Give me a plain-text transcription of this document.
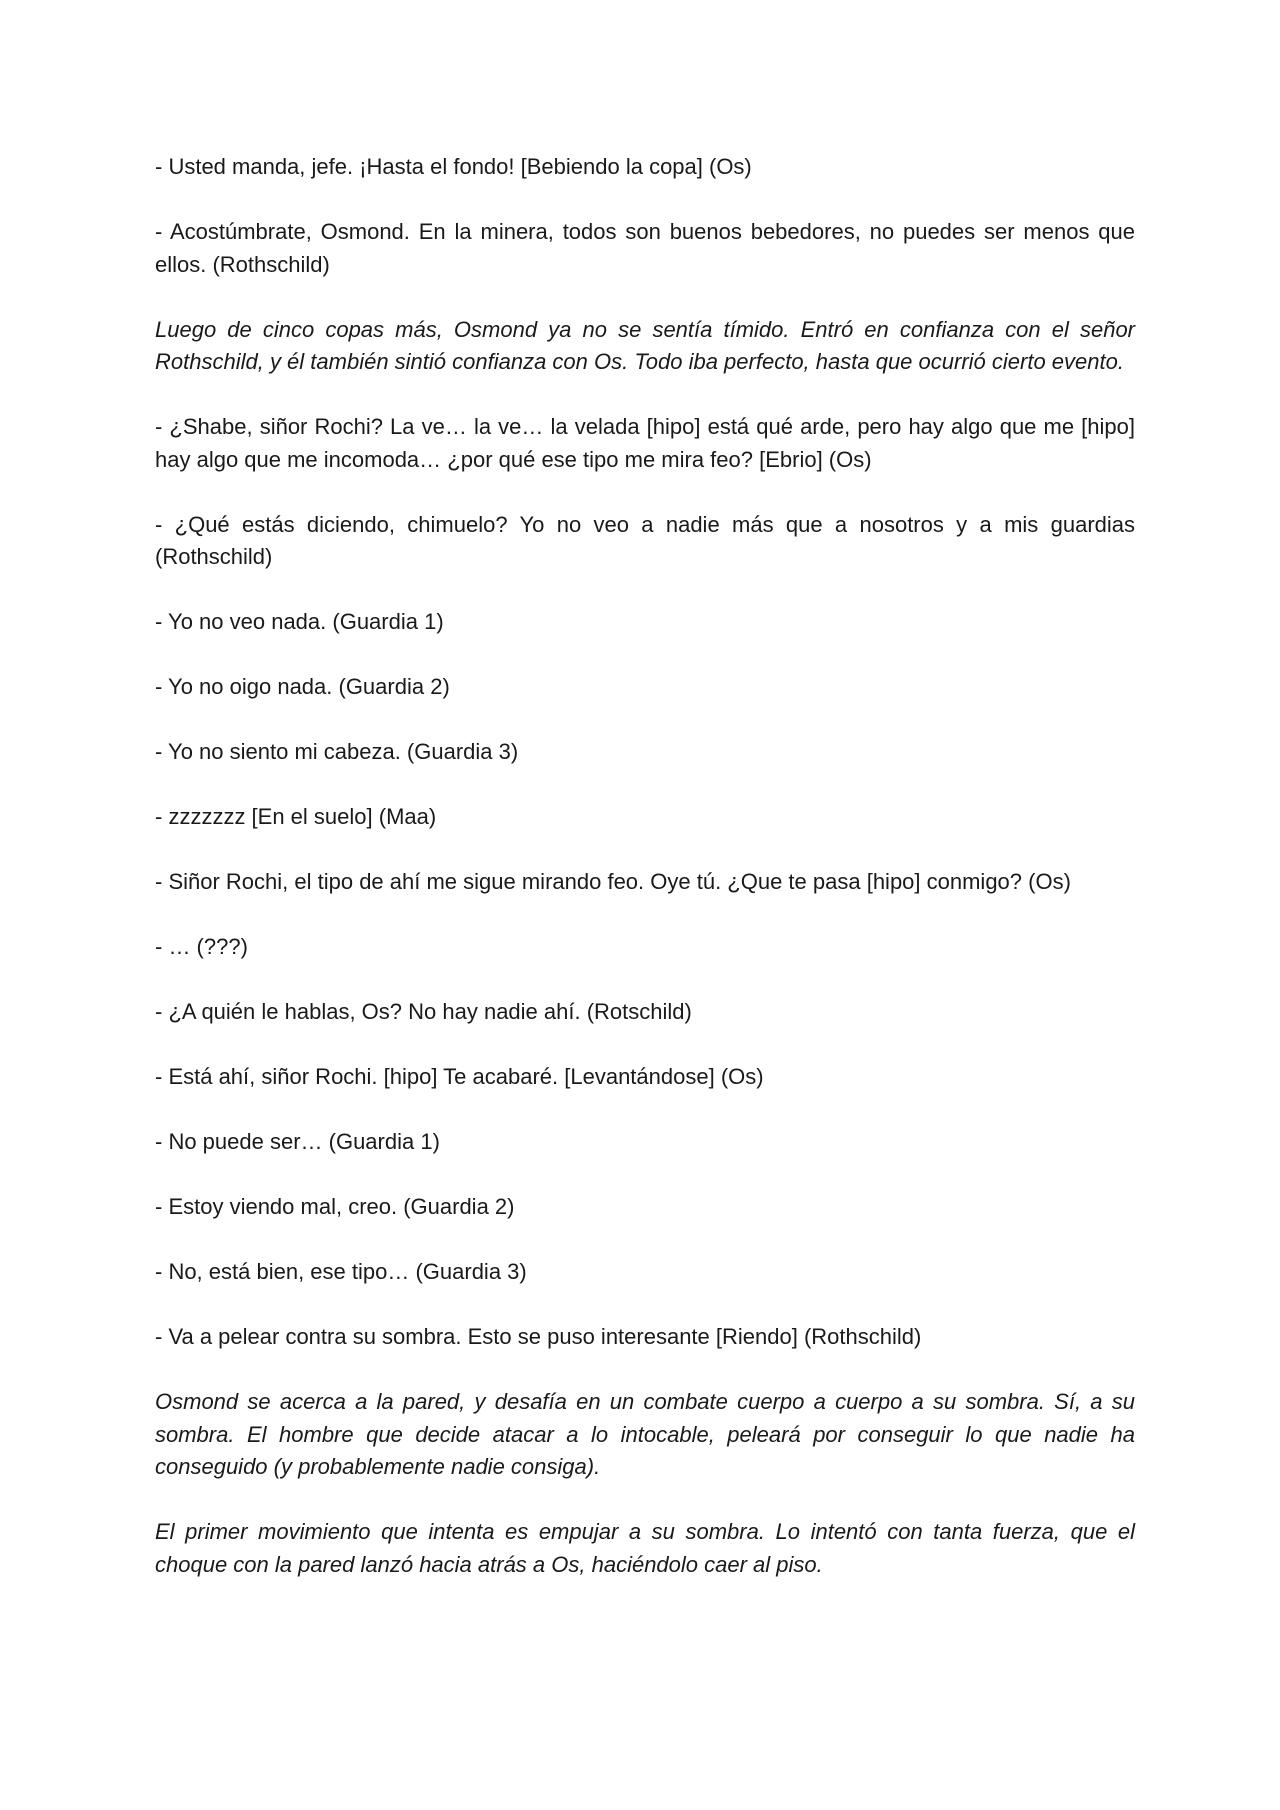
- Usted manda, jefe. ¡Hasta el fondo! [Bebiendo la copa] (Os)

- Acostúmbrate, Osmond. En la minera, todos son buenos bebedores, no puedes ser menos que ellos. (Rothschild)

Luego de cinco copas más, Osmond ya no se sentía tímido. Entró en confianza con el señor Rothschild, y él también sintió confianza con Os. Todo iba perfecto, hasta que ocurrió cierto evento.

- ¿Shabe, siñor Rochi? La ve… la ve… la velada [hipo] está qué arde, pero hay algo que me [hipo] hay algo que me incomoda… ¿por qué ese tipo me mira feo? [Ebrio] (Os)

- ¿Qué estás diciendo, chimuelo? Yo no veo a nadie más que a nosotros y a mis guardias (Rothschild)

- Yo no veo nada. (Guardia 1)

- Yo no oigo nada. (Guardia 2)

- Yo no siento mi cabeza. (Guardia 3)

- zzzzzzz [En el suelo] (Maa)

- Siñor Rochi, el tipo de ahí me sigue mirando feo. Oye tú. ¿Que te pasa [hipo] conmigo? (Os)

- … (???)

- ¿A quién le hablas, Os? No hay nadie ahí. (Rotschild)

- Está ahí, siñor Rochi. [hipo] Te acabaré. [Levantándose] (Os)

- No puede ser… (Guardia 1)

- Estoy viendo mal, creo. (Guardia 2)

- No, está bien, ese tipo… (Guardia 3)

- Va a pelear contra su sombra. Esto se puso interesante [Riendo] (Rothschild)

Osmond se acerca a la pared, y desafía en un combate cuerpo a cuerpo a su sombra. Sí, a su sombra. El hombre que decide atacar a lo intocable, peleará por conseguir lo que nadie ha conseguido (y probablemente nadie consiga).

El primer movimiento que intenta es empujar a su sombra. Lo intentó con tanta fuerza, que el choque con la pared lanzó hacia atrás a Os, haciéndolo caer al piso.
